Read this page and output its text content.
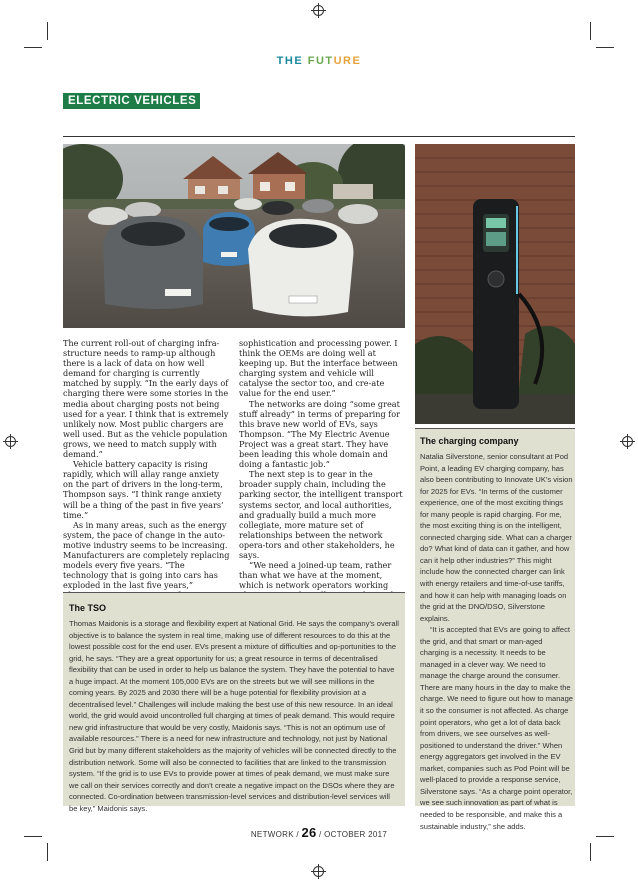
THE FUTURE
ELECTRIC VEHICLES

The current roll-out of charging infra-structure needs to ramp-up although there is a lack of data on how well demand for charging is currently matched by supply. “In the early days of charging there were some stories in the media about charging posts not being used for a year. I think that is extremely unlikely now. Most public chargers are well used. But as the vehicle population grows, we need to match supply with demand.”

Vehicle battery capacity is rising rapidly, which will allay range anxiety on the part of drivers in the long-term, Thompson says. “I think range anxiety will be a thing of the past in five years’ time.”

As in many areas, such as the energy system, the pace of change in the auto-motive industry seems to be increasing. Manufacturers are completely replacing models every five years. “The technology that is going into cars has exploded in the last five years,”

sophistication and processing power. I think the OEMs are doing well at keeping up. But the interface between charging system and vehicle will catalyse the sector too, and cre-ate value for the end user.”

The networks are doing “some great stuff already” in terms of preparing for this brave new world of EVs, says Thompson. “The My Electric Avenue Project was a great start. They have been leading this whole domain and doing a fantastic job.”

The next step is to gear in the broader supply chain, including the parking sector, the intelligent transport systems sector, and local authorities, and gradually build a much more collegiate, more mature set of relationships between the network opera-tors and other stakeholders, he says.

“We need a joined-up team, rather than what we have at the moment, which is network operators working

The TSO

Thomas Maidonis is a storage and flexibility expert at National Grid. He says the company’s overall objective is to balance the system in real time, making use of different resources to do this at the lowest possible cost for the end user. EVs present a mixture of difficulties and op-portunities to the grid, he says. “They are a great opportunity for us; a great resource in terms of decentralised flexibility that can be used in order to help us balance the system. They have the potential to have a huge impact. At the moment 105,000 EVs are on the streets but we will see millions in the coming years. By 2025 and 2030 there will be a huge potential for flexibility provision at a decentralised level.” Challenges will include making the best use of this new resource. In an ideal world, the grid would avoid uncontrolled full charging at times of peak demand. This would require new grid infrastructure that would be very costly, Maidonis says. “This is not an optimum use of available resources.” There is a need for new infrastructure and technology, not just by National Grid but by many different stakeholders as the majority of vehicles will be connected directly to the distribution network. Some will also be connected to facilities that are linked to the transmission system. “If the grid is to use EVs to provide power at times of peak demand, we must make sure we call on their services correctly and don’t create a negative impact on the DSOs where they are connected. Co-ordination between transmission-level services and distribution-level services will be key,” Maidonis says.

The charging company

Natalia Silverstone, senior consultant at Pod Point, a leading EV charging company, has also been contributing to Innovate UK’s vision for 2025 for EVs. “In terms of the customer experience, one of the most exciting things for many people is rapid charging. For me, the most exciting thing is on the intelligent, connected charging side. What can a charger do? What kind of data can it gather, and how can it help other industries?” This might include how the connected charger can link with energy retailers and time-of-use tariffs, and how it can help with managing loads on the grid at the DNO/DSO, Silverstone explains.

“It is accepted that EVs are going to affect the grid, and that smart or man-aged charging is a necessity. It needs to be managed in a clever way. We need to manage the charge around the consumer. There are many hours in the day to make the charge. We need to figure out how to manage it so the consumer is not affected. As charge point operators, who get a lot of data back from drivers, we see ourselves as well-positioned to understand the driver.” When energy aggregators get involved in the EV market, companies such as Pod Point will be well-placed to provide a response service, Silverstone says. “As a charge point operator, we see such innovation as part of what is needed to be responsible, and make this a sustainable industry,” she adds.

NETWORK / 26 / OCTOBER 2017
